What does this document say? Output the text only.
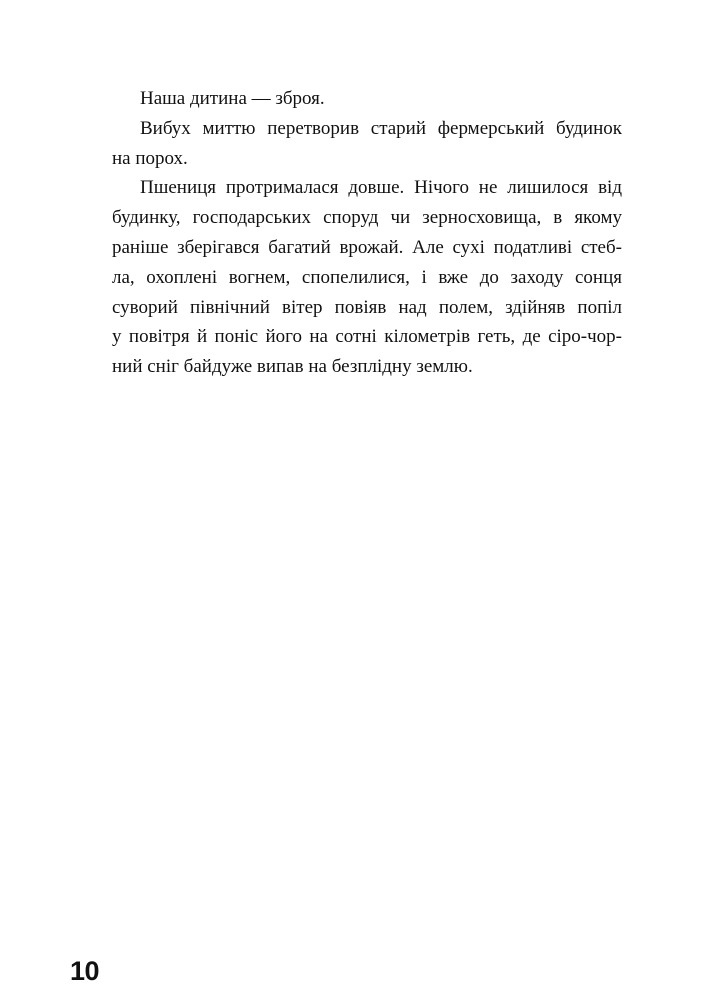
Наша дитина — зброя.
Вибух миттю перетворив старий фермерський будинок
на порох.
Пшениця протрималася довше. Нічого не лишилося від
будинку, господарських споруд чи зерносховища, в якому
раніше зберігався багатий врожай. Але сухі податливі стеб-
ла, охоплені вогнем, спопелилися, і вже до заходу сонця
суворий північний вітер повіяв над полем, здійняв попіл
у повітря й поніс його на сотні кілометрів геть, де сіро-чор-
ний сніг байдуже випав на безплідну землю.
10
